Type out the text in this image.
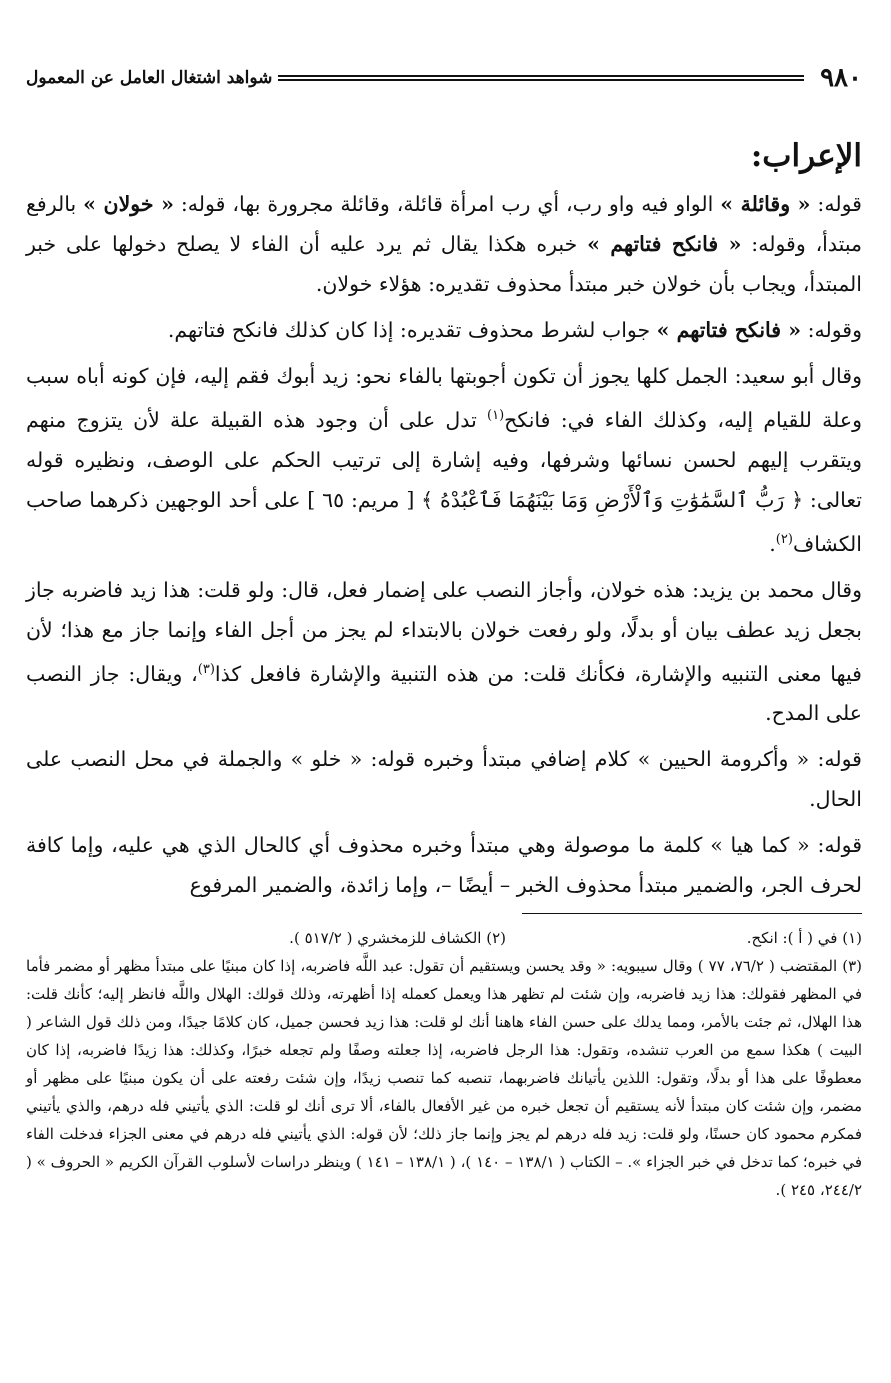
٩٨٠
شواهد اشتغال العامل عن المعمول
الإعراب:

قوله: « وقائلة » الواو فيه واو رب، أي رب امرأة قائلة، وقائلة مجرورة بها، قوله: « خولان » بالرفع مبتدأ، وقوله: « فانكح فتاتهم » خبره هكذا يقال ثم يرد عليه أن الفاء لا يصلح دخولها على خبر المبتدأ، ويجاب بأن خولان خبر مبتدأ محذوف تقديره: هؤلاء خولان.

وقوله: « فانكح فتاتهم » جواب لشرط محذوف تقديره: إذا كان كذلك فانكح فتاتهم.

وقال أبو سعيد: الجمل كلها يجوز أن تكون أجوبتها بالفاء نحو: زيد أبوك فقم إليه، فإن كونه أباه سبب وعلة للقيام إليه، وكذلك الفاء في: فانكح$^{(١)}$ تدل على أن وجود هذه القبيلة علة لأن يتزوج منهم ويتقرب إليهم لحسن نسائها وشرفها، وفيه إشارة إلى ترتيب الحكم على الوصف، ونظيره قوله تعالى: ﴿ رَبُّ ٱلسَّمَٰوَٰتِ وَٱلْأَرْضِ وَمَا بَيْنَهُمَا فَٱعْبُدْهُ ﴾ [ مريم: ٦٥ ] على أحد الوجهين ذكرهما صاحب الكشاف$^{(٢)}$.

وقال محمد بن يزيد: هذه خولان، وأجاز النصب على إضمار فعل، قال: ولو قلت: هذا زيد فاضربه جاز بجعل زيد عطف بيان أو بدلًا، ولو رفعت خولان بالابتداء لم يجز من أجل الفاء وإنما جاز مع هذا؛ لأن فيها معنى التنبيه والإشارة، فكأنك قلت: من هذه التنبية والإشارة فافعل كذا$^{(٣)}$، ويقال: جاز النصب على المدح.

قوله: « وأكرومة الحيين » كلام إضافي مبتدأ وخبره قوله: « خلو » والجملة في محل النصب على الحال.

قوله: « كما هيا » كلمة ما موصولة وهي مبتدأ وخبره محذوف أي كالحال الذي هي عليه، وإما كافة لحرف الجر، والضمير مبتدأ محذوف الخبر – أيضًا –، وإما زائدة، والضمير المرفوع

(١) في ( أ ): انكح.
(٢) الكشاف للزمخشري ( ٥١٧/٢ ).

(٣) المقتضب ( ٧٦/٢، ٧٧ ) وقال سيبويه: « وقد يحسن ويستقيم أن تقول: عبد اللَّه فاضربه، إذا كان مبنيًا على مبتدأ مظهر أو مضمر فأما في المظهر فقولك: هذا زيد فاضربه، وإن شئت لم تظهر هذا ويعمل كعمله إذا أظهرته، وذلك قولك: الهلال واللَّه فانظر إليه؛ كأنك قلت: هذا الهلال، ثم جئت بالأمر، ومما يدلك على حسن الفاء هاهنا أنك لو قلت: هذا زيد فحسن جميل، كان كلامًا جيدًا، ومن ذلك قول الشاعر ( البيت ) هكذا سمع من العرب تنشده، وتقول: هذا الرجل فاضربه، إذا جعلته وصفًا ولم تجعله خبرًا، وكذلك: هذا زيدًا فاضربه، إذا كان معطوفًا على هذا أو بدلًا، وتقول: اللذين يأتيانك فاضربهما، تنصبه كما تنصب زيدًا، وإن شئت رفعته على أن يكون مبنيًا على مظهر أو مضمر، وإن شئت كان مبتدأ لأنه يستقيم أن تجعل خبره من غير الأفعال بالفاء، ألا ترى أنك لو قلت: الذي يأتيني فله درهم، والذي يأتيني فمكرم محمود كان حسنًا، ولو قلت: زيد فله درهم لم يجز وإنما جاز ذلك؛ لأن قوله: الذي يأتيني فله درهم في معنى الجزاء فدخلت الفاء في خبره؛ كما تدخل في خبر الجزاء ». – الكتاب ( ١٣٨/١ – ١٤٠ )، ( ١٣٨/١ – ١٤١ ) وينظر دراسات لأسلوب القرآن الكريم « الحروف » ( ٢٤٤/٢، ٢٤٥ ).
